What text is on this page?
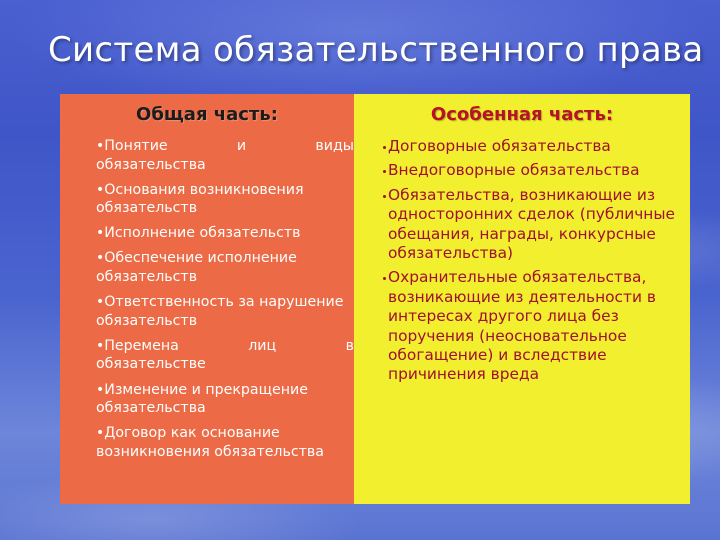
Система обязательственного права
Общая часть:
•Понятие	и	виды
обязательства
•Основания возникновения обязательств
•Исполнение обязательств
•Обеспечение исполнение обязательств
•Ответственность за нарушение обязательств
•Перемена	лиц	в
обязательстве
•Изменение и прекращение обязательства
•Договор как основание возникновения обязательства
Особенная часть:
Договорные обязательства
Внедоговорные обязательства
Обязательства, возникающие из односторонних сделок (публичные обещания, награды, конкурсные обязательства)
Охранительные обязательства, возникающие из деятельности в интересах другого лица без поручения (неосновательное обогащение) и вследствие причинения вреда
